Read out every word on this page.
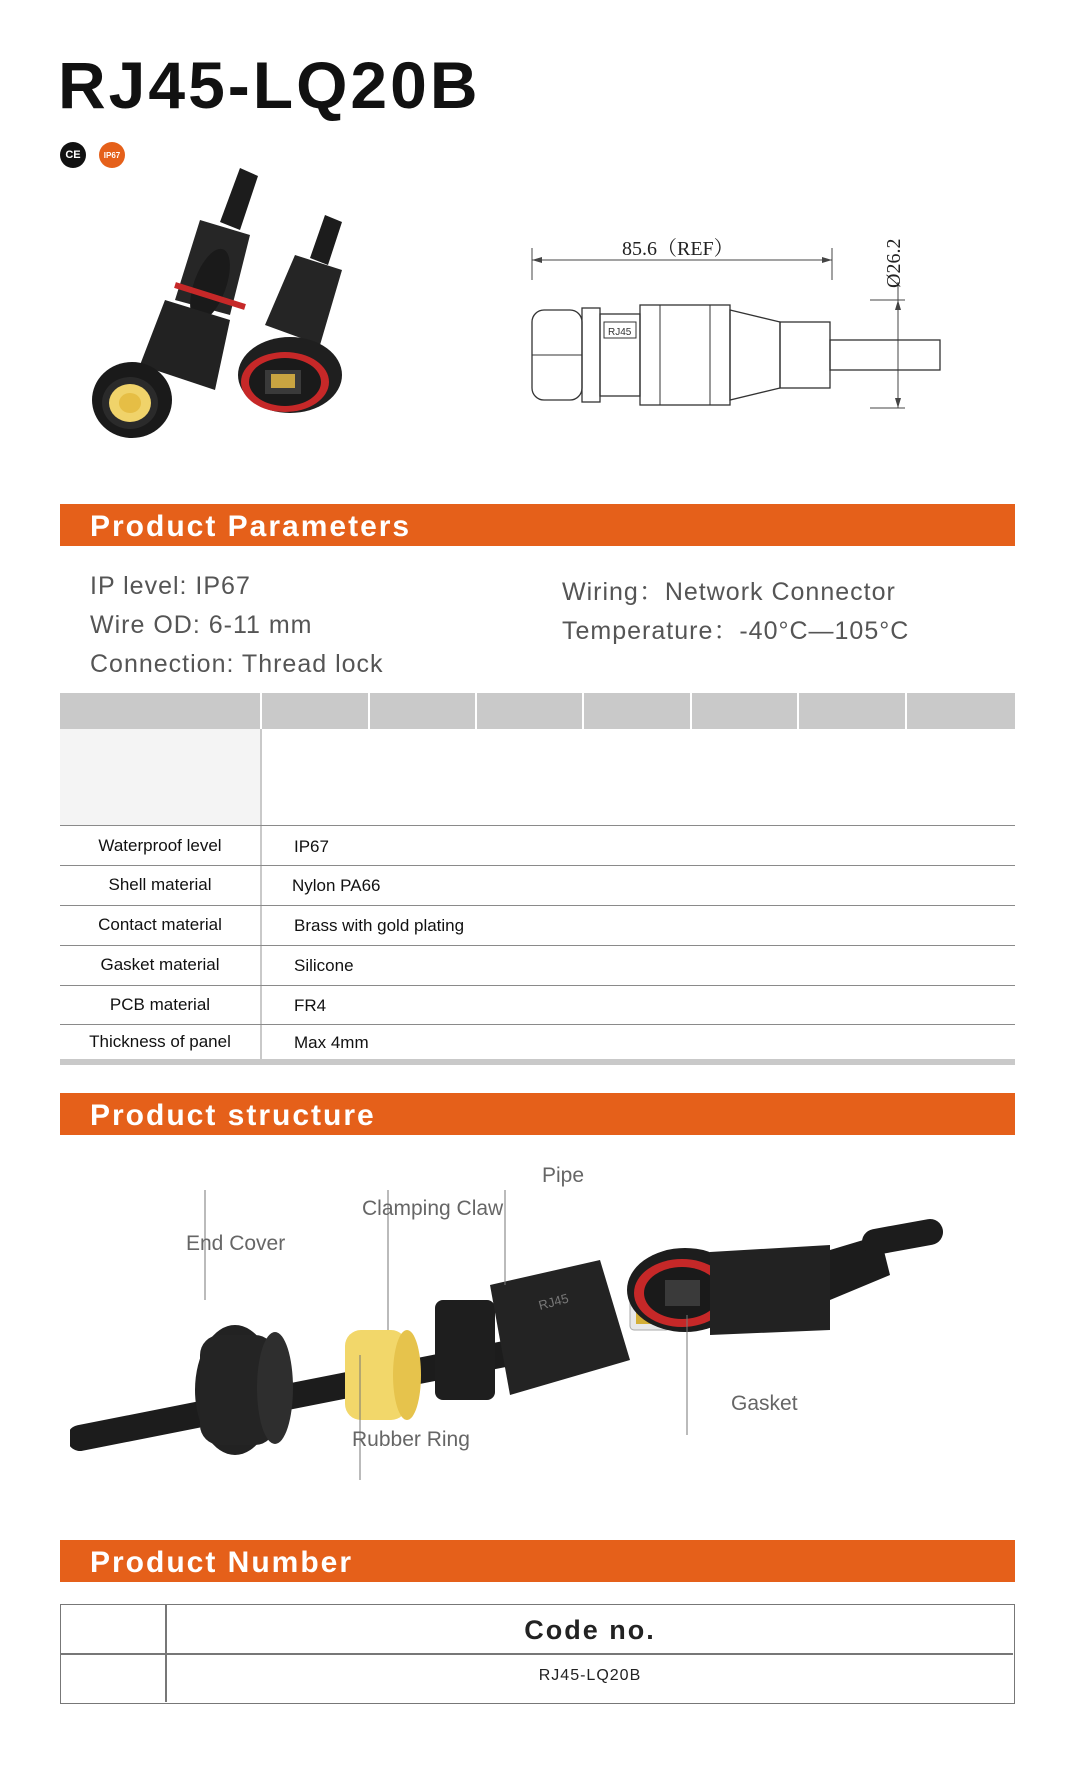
RJ45-LQ20B
CE	IP67
85.6（REF）	Ø26.2
RJ45
Product Parameters
IP level: IP67
Wire OD: 6-11 mm
Connection: Thread lock
Wiring：Network Connector
Temperature：-40°C—105°C
Waterproof level	IP67
Shell material	Nylon PA66
Contact material	Brass with gold plating
Gasket material	Silicone
PCB material	FR4
Thickness of panel	Max 4mm
Product structure
RJ45
Pipe
Clamping Claw
End Cover
Rubber Ring
Gasket
Product Number
Code no.
RJ45-LQ20B
